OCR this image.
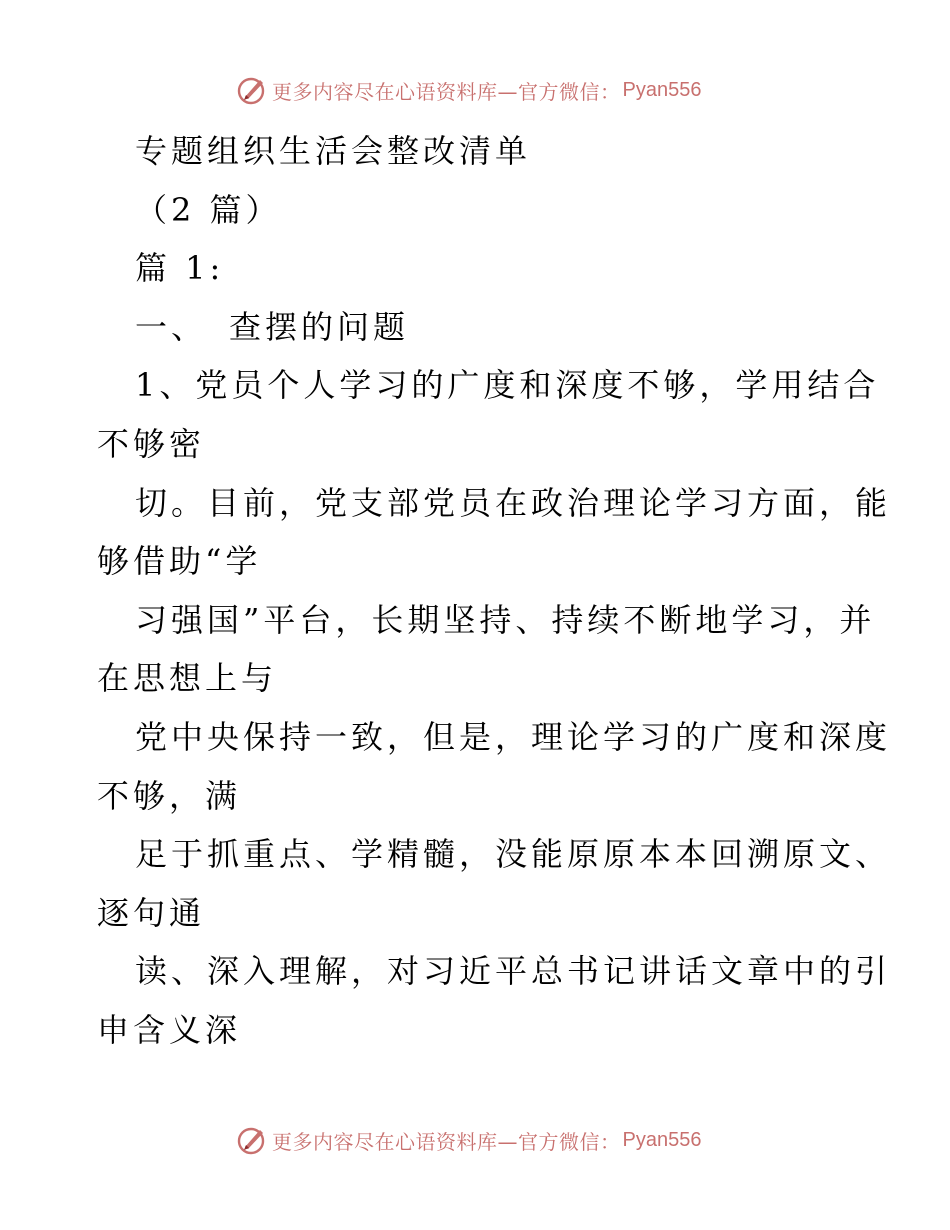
更多内容尽在心语资料库—官方微信： Pyan556
专题组织生活会整改清单
（2 篇）
篇 1:
一、 查摆的问题
1、党员个人学习的广度和深度不够，学用结合
不够密
切。目前，党支部党员在政治理论学习方面，能
够借助“学
习强国”平台，长期坚持、持续不断地学习，并
在思想上与
党中央保持一致，但是，理论学习的广度和深度
不够，满
足于抓重点、学精髓，没能原原本本回溯原文、
逐句通
读、深入理解，对习近平总书记讲话文章中的引
申含义深
更多内容尽在心语资料库—官方微信： Pyan556
